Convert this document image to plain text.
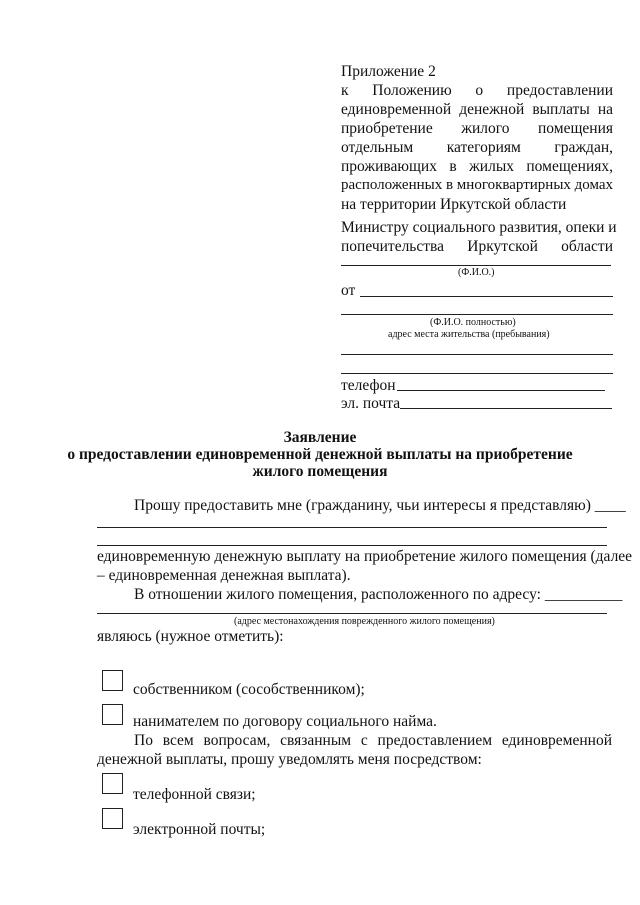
Приложение 2
к Положению о предоставлении
единовременной денежной выплаты на
приобретение жилого помещения
отдельным категориям граждан,
проживающих в жилых помещениях,
расположенных в многоквартирных домах
на территории Иркутской области
Министру социального развития, опеки и
попечительства Иркутской области
(Ф.И.О.)
от
(Ф.И.О. полностью)
адрес места жительства (пребывания)
телефон
эл. почта
Заявление
о предоставлении единовременной денежной выплаты на приобретение
жилого помещения
Прошу предоставить мне (гражданину, чьи интересы я представляю) ____
единовременную денежную выплату на приобретение жилого помещения (далее
– единовременная денежная выплата).
В отношении жилого помещения, расположенного по адресу: __________
(адрес местонахождения поврежденного жилого помещения)
являюсь (нужное отметить):
собственником (сособственником);
нанимателем по договору социального найма.
По всем вопросам, связанным с предоставлением единовременной
денежной выплаты, прошу уведомлять меня посредством:
телефонной связи;
электронной почты;
